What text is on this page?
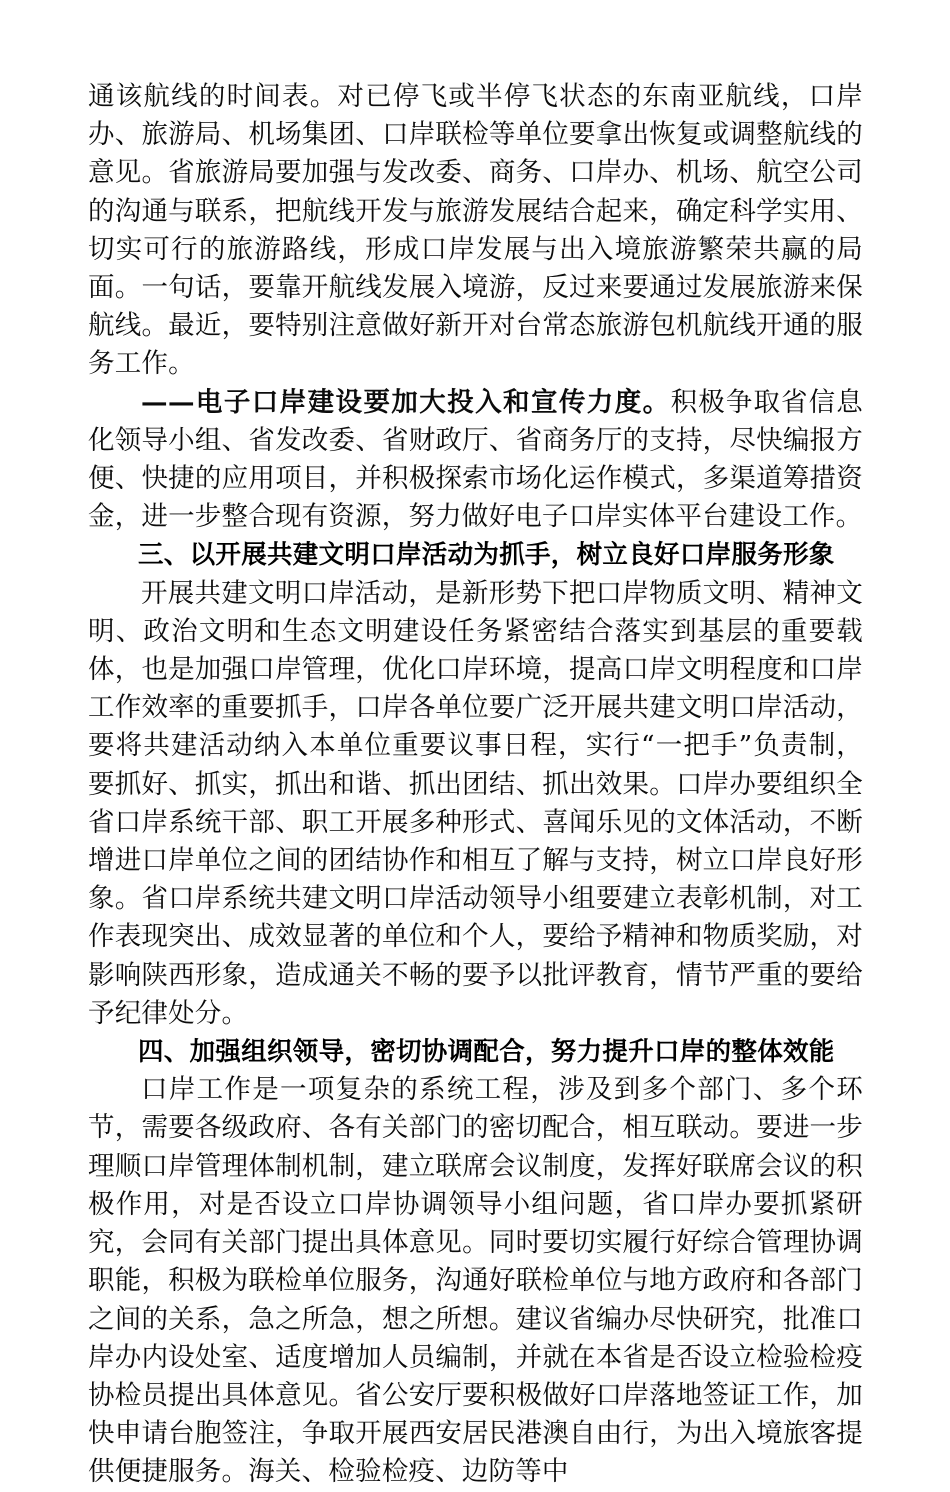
通该航线的时间表。对已停飞或半停飞状态的东南亚航线，口岸办、旅游局、机场集团、口岸联检等单位要拿出恢复或调整航线的意见。省旅游局要加强与发改委、商务、口岸办、机场、航空公司的沟通与联系，把航线开发与旅游发展结合起来，确定科学实用、切实可行的旅游路线，形成口岸发展与出入境旅游繁荣共赢的局面。一句话，要靠开航线发展入境游，反过来要通过发展旅游来保航线。最近，要特别注意做好新开对台常态旅游包机航线开通的服务工作。

——电子口岸建设要加大投入和宣传力度。积极争取省信息化领导小组、省发改委、省财政厅、省商务厅的支持，尽快编报方便、快捷的应用项目，并积极探索市场化运作模式，多渠道筹措资金，进一步整合现有资源，努力做好电子口岸实体平台建设工作。

三、以开展共建文明口岸活动为抓手，树立良好口岸服务形象

开展共建文明口岸活动，是新形势下把口岸物质文明、精神文明、政治文明和生态文明建设任务紧密结合落实到基层的重要载体，也是加强口岸管理，优化口岸环境，提高口岸文明程度和口岸工作效率的重要抓手，口岸各单位要广泛开展共建文明口岸活动，要将共建活动纳入本单位重要议事日程，实行“一把手”负责制，要抓好、抓实，抓出和谐、抓出团结、抓出效果。口岸办要组织全省口岸系统干部、职工开展多种形式、喜闻乐见的文体活动，不断增进口岸单位之间的团结协作和相互了解与支持，树立口岸良好形象。省口岸系统共建文明口岸活动领导小组要建立表彰机制，对工作表现突出、成效显著的单位和个人，要给予精神和物质奖励，对影响陕西形象，造成通关不畅的要予以批评教育，情节严重的要给予纪律处分。

四、加强组织领导，密切协调配合，努力提升口岸的整体效能

口岸工作是一项复杂的系统工程，涉及到多个部门、多个环节，需要各级政府、各有关部门的密切配合，相互联动。要进一步理顺口岸管理体制机制，建立联席会议制度，发挥好联席会议的积极作用，对是否设立口岸协调领导小组问题，省口岸办要抓紧研究，会同有关部门提出具体意见。同时要切实履行好综合管理协调职能，积极为联检单位服务，沟通好联检单位与地方政府和各部门之间的关系，急之所急，想之所想。建议省编办尽快研究，批准口岸办内设处室、适度增加人员编制，并就在本省是否设立检验检疫协检员提出具体意见。省公安厅要积极做好口岸落地签证工作，加快申请台胞签注，争取开展西安居民港澳自由行，为出入境旅客提供便捷服务。海关、检验检疫、边防等中
